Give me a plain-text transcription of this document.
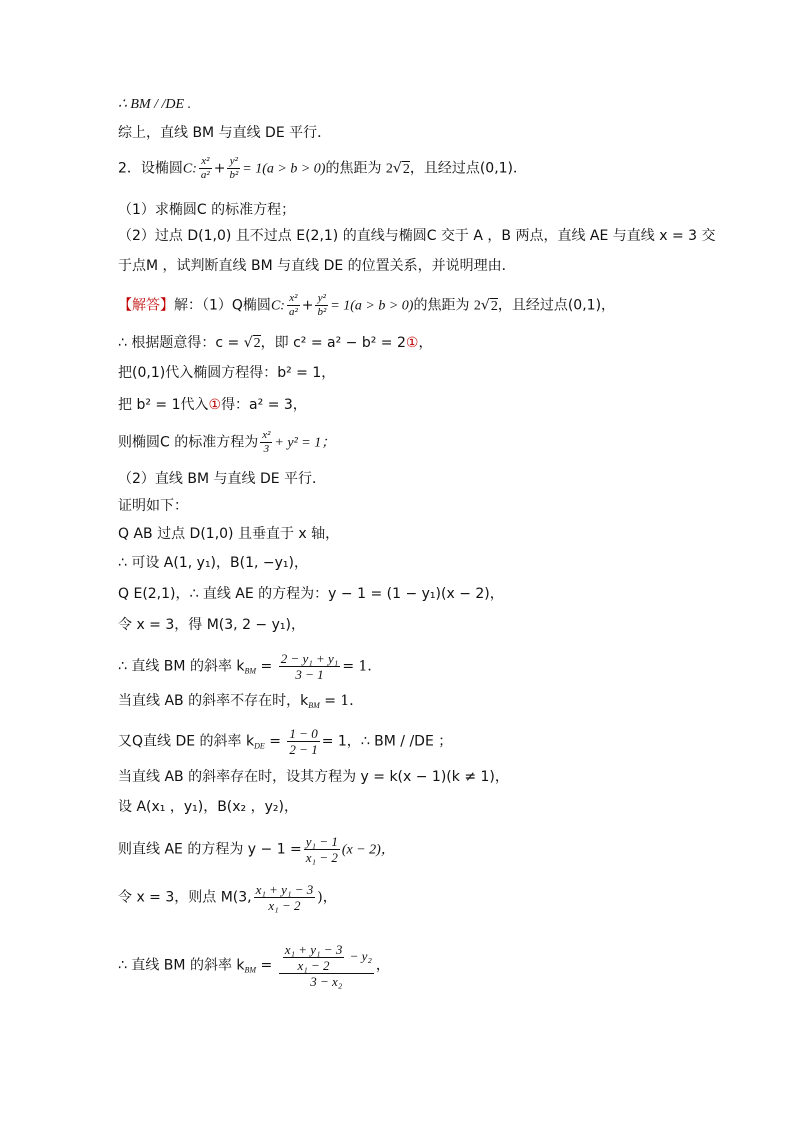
∴ BM / /DE .
综上，直线 BM 与直线 DE 平行．
2．设椭圆C: $\frac{\text{x²}}{\text{a²}} + \frac{\text{y²}}{\text{b²}} = 1(a > b > 0)$的焦距为 2√2，且经过点(0,1)．
（1）求椭圆C 的标准方程；
（2）过点 D(1,0) 且不过点 E(2,1) 的直线与椭圆C 交于 A ，B 两点，直线 AE 与直线 x = 3 交
于点M ，试判断直线 BM 与直线 DE 的位置关系，并说明理由．
【解答】解：（1）Q椭圆C: $\frac{\text{x²}}{\text{a²}} + \frac{\text{y²}}{\text{b²}} = 1(a > b > 0)$的焦距为 2√2，且经过点(0,1)，
∴ 根据题意得：c = √2，即 c² = a² − b² = 2①，
把(0,1)代入椭圆方程得：b² = 1，
把 b² = 1代入①得：a² = 3，
则椭圆C 的标准方程为 $\frac{\text{x²}}{3} + y^2 = 1$；
（2）直线 BM 与直线 DE 平行．
证明如下：
Q AB 过点 D(1,0) 且垂直于 x 轴，
∴ 可设 A(1, y₁)，B(1, −y₁)，
Q E(2,1)，∴ 直线 AE 的方程为：y − 1 = (1 − y₁)(x − 2)，
令 x = 3，得 M(3, 2 − y₁)，
∴ 直线 BM 的斜率 $k_{BM} = \frac{\text{2 − y₁ + y₁}}{3 - 1} = 1$．
当直线 AB 的斜率不存在时，$k_{BM} = 1$．
又Q直线 DE 的斜率 $k_{DE} = \frac{1 - 0}{2 - 1} = 1$，∴ BM / /DE ；
当直线 AB 的斜率存在时，设其方程为 y = k(x − 1)(k ≠ 1)，
设 A(x₁ ，y₁)，B(x₂ ，y₂)，
则直线 AE 的方程为 $y - 1 = \frac{\text{y₁ − 1}}{\text{x₁ − 2}} (x - 2)$，
令 x = 3，则点 M(3, $\frac{\text{x₁ + y₁ − 3}}{\text{x₁ − 2}}$ )，
∴ 直线 BM 的斜率 $k_{BM} = \frac{\frac{\text{x₁ + y₁ − 3}}{\text{x₁ − 2}} - y_2}{\text{3 − x₂}}$ ，
